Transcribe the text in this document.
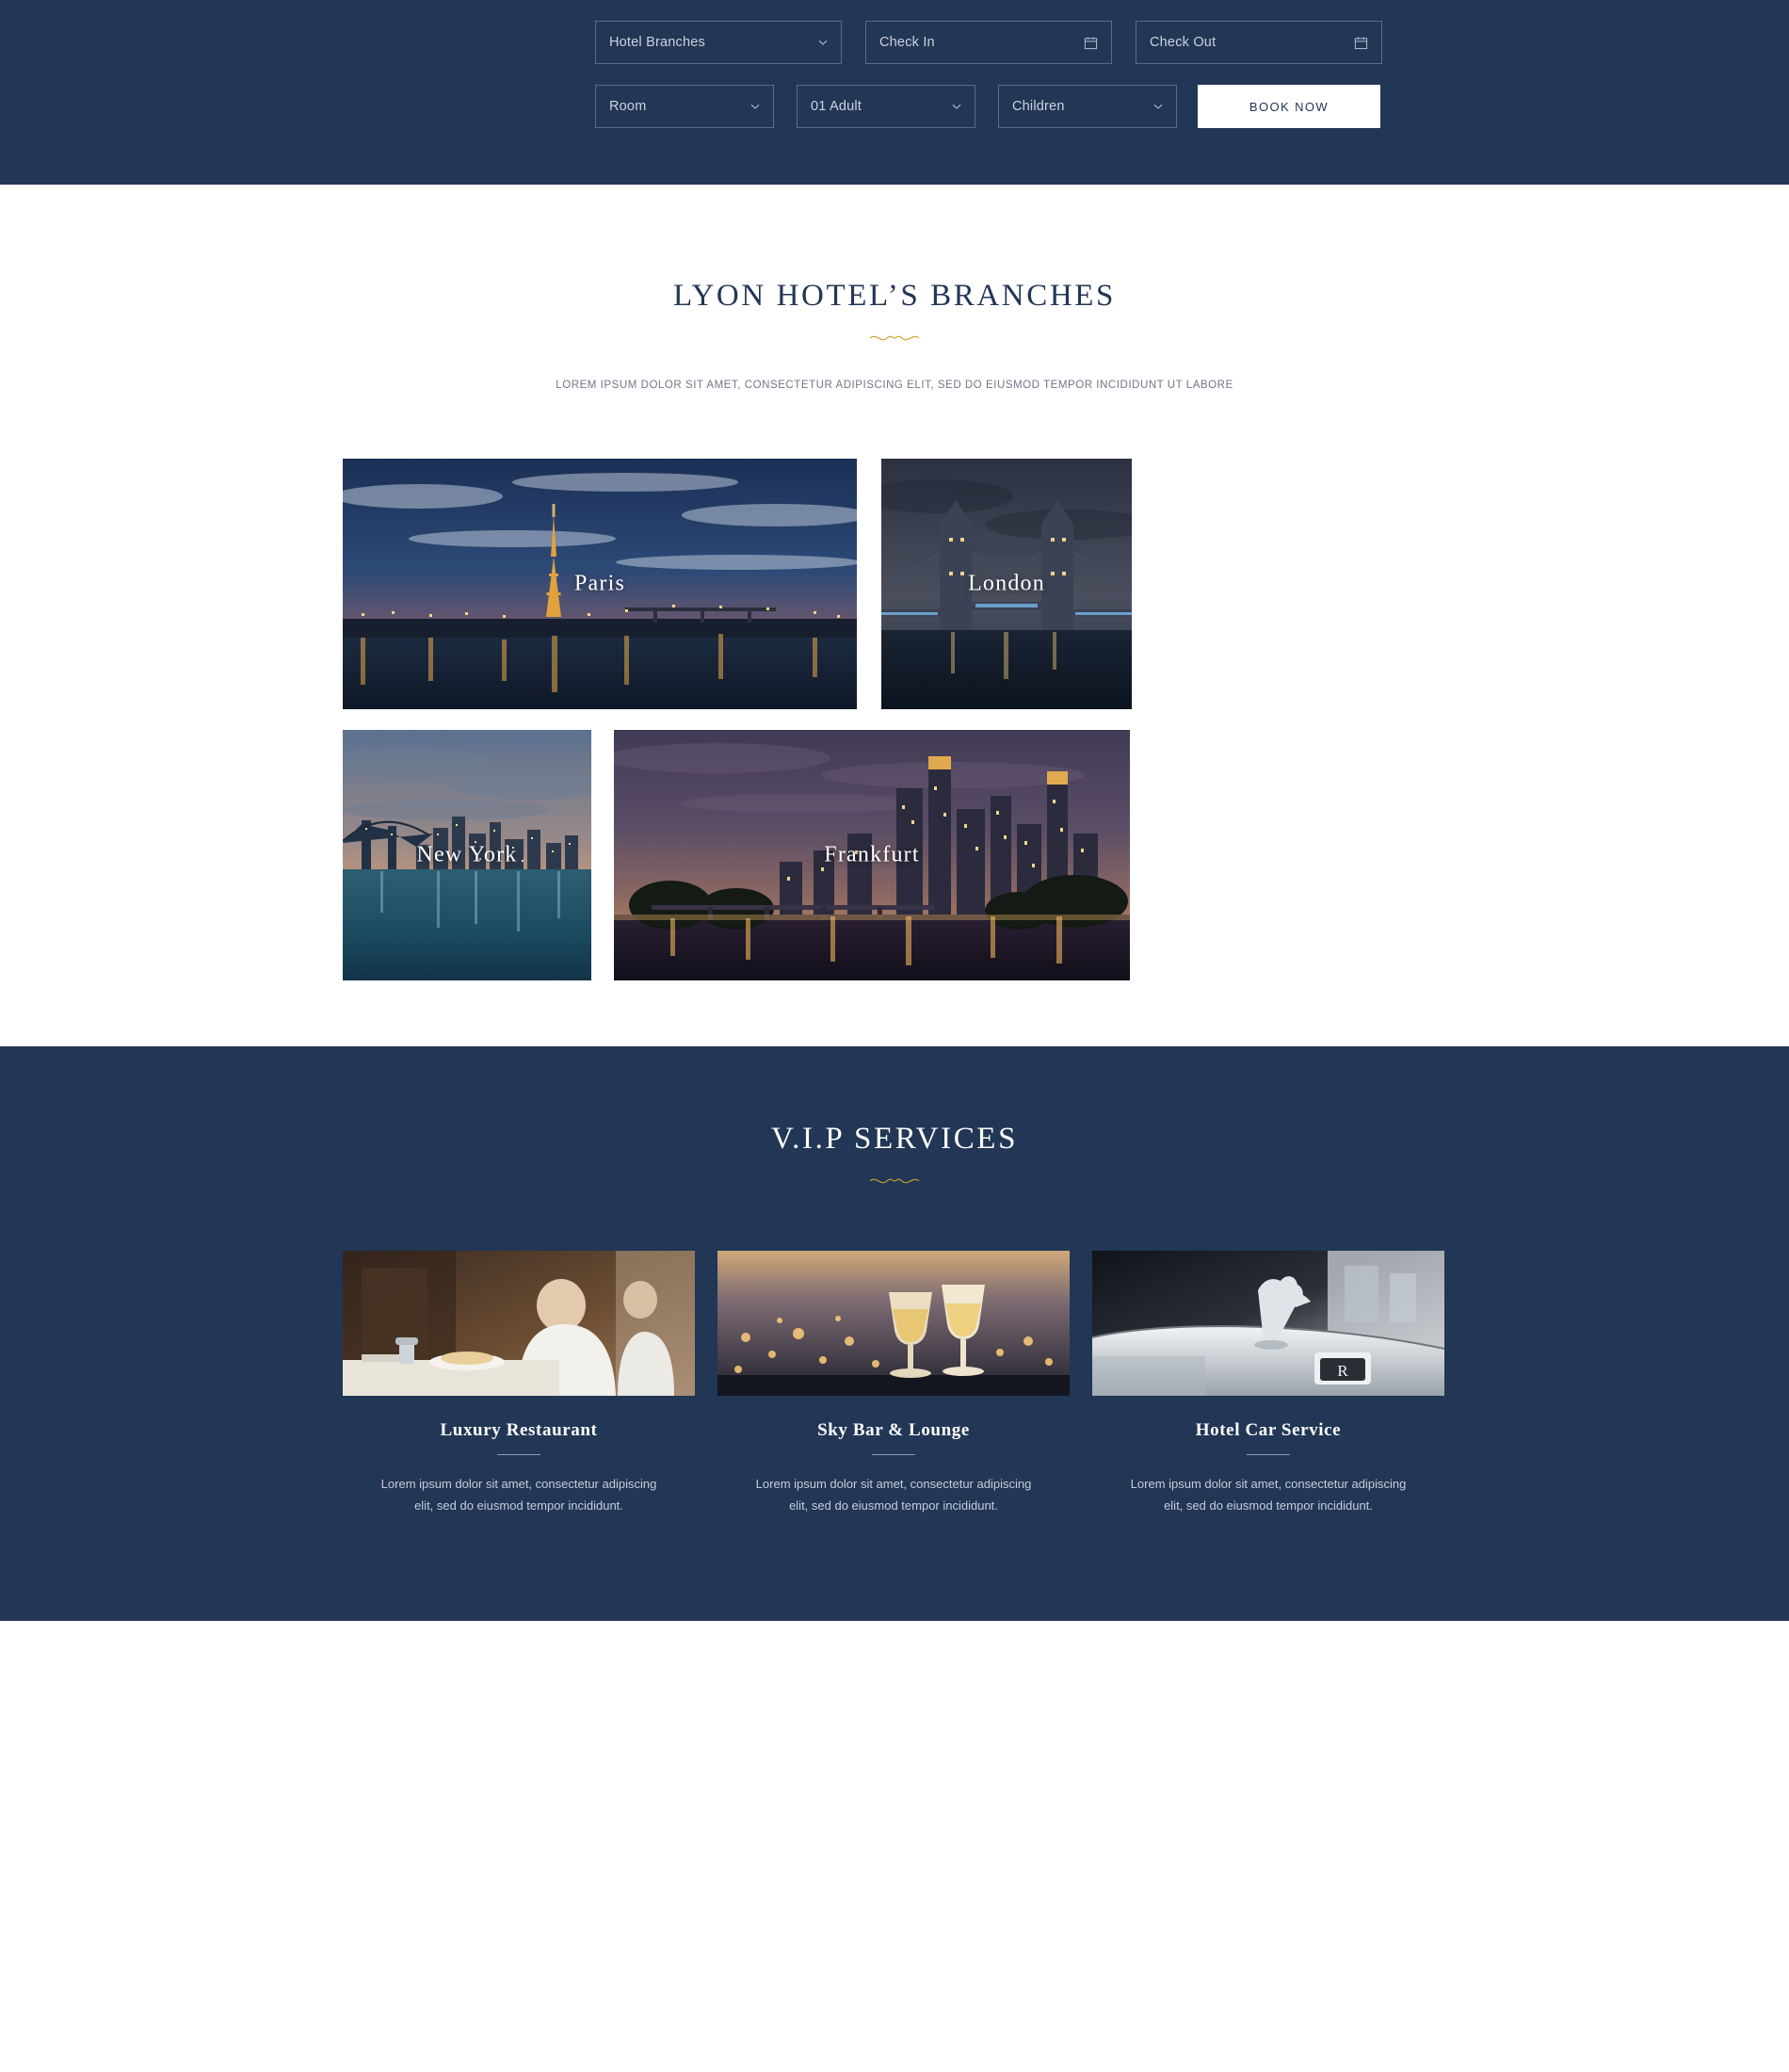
Hotel Branches	Check In	Check Out
Room	01 Adult	Children	BOOK NOW
LYON HOTEL’S BRANCHES

LOREM IPSUM DOLOR SIT AMET, CONSECTETUR ADIPISCING ELIT, SED DO EIUSMOD TEMPOR INCIDIDUNT UT LABORE

Paris	London
New York	Frankfurt
V.I.P SERVICES
Luxury Restaurant
Lorem ipsum dolor sit amet, consectetur adipiscing elit, sed do eiusmod tempor incididunt.
Sky Bar & Lounge
Lorem ipsum dolor sit amet, consectetur adipiscing elit, sed do eiusmod tempor incididunt.
R
Hotel Car Service
Lorem ipsum dolor sit amet, consectetur adipiscing elit, sed do eiusmod tempor incididunt.
